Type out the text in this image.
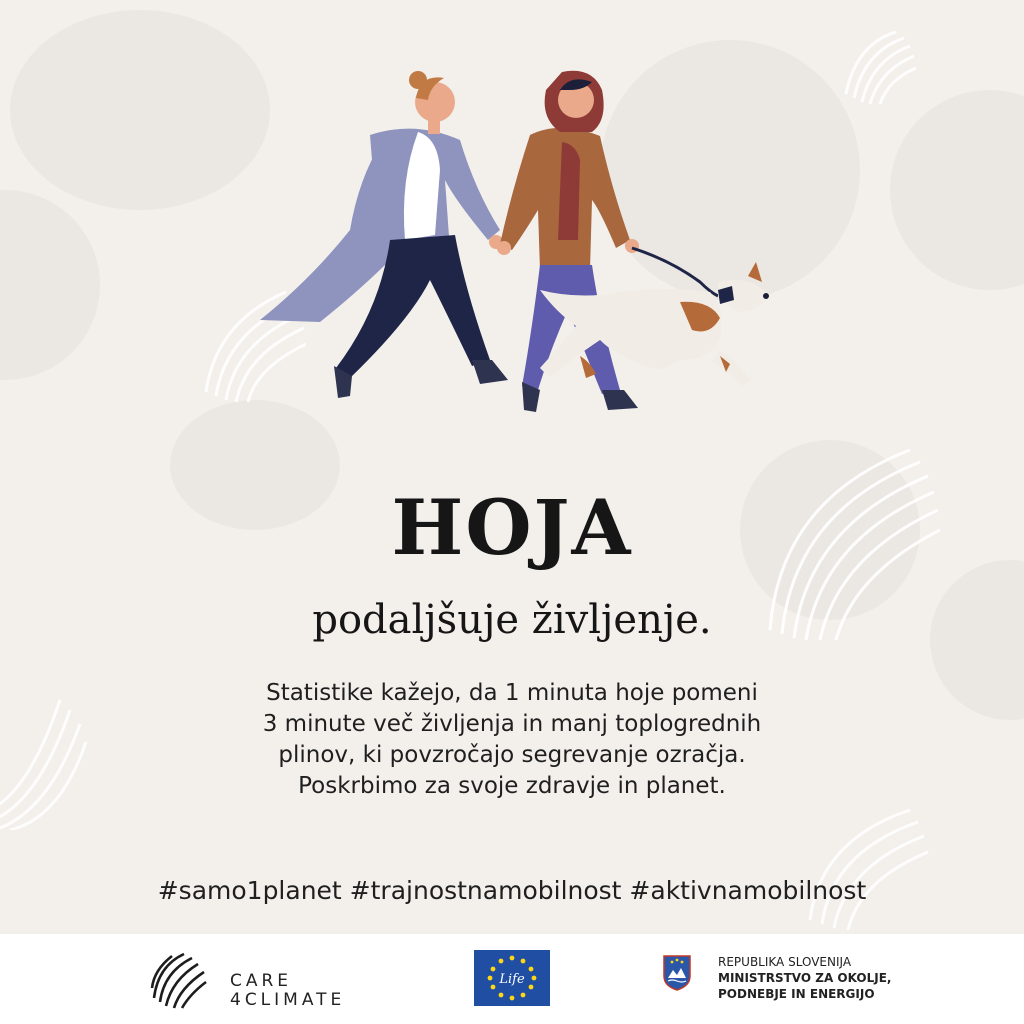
HOJA
podaljšuje življenje.
Statistike kažejo, da 1 minuta hoje pomeni
3 minute več življenja in manj toplogrednih
plinov, ki povzročajo segrevanje ozračja.
Poskrbimo za svoje zdravje in planet.
#samo1planet #trajnostnamobilnost #aktivnamobilnost
CARE
4CLIMATE
Life
REPUBLIKA SLOVENIJA
MINISTRSTVO ZA OKOLJE,
PODNEBJE IN ENERGIJO
